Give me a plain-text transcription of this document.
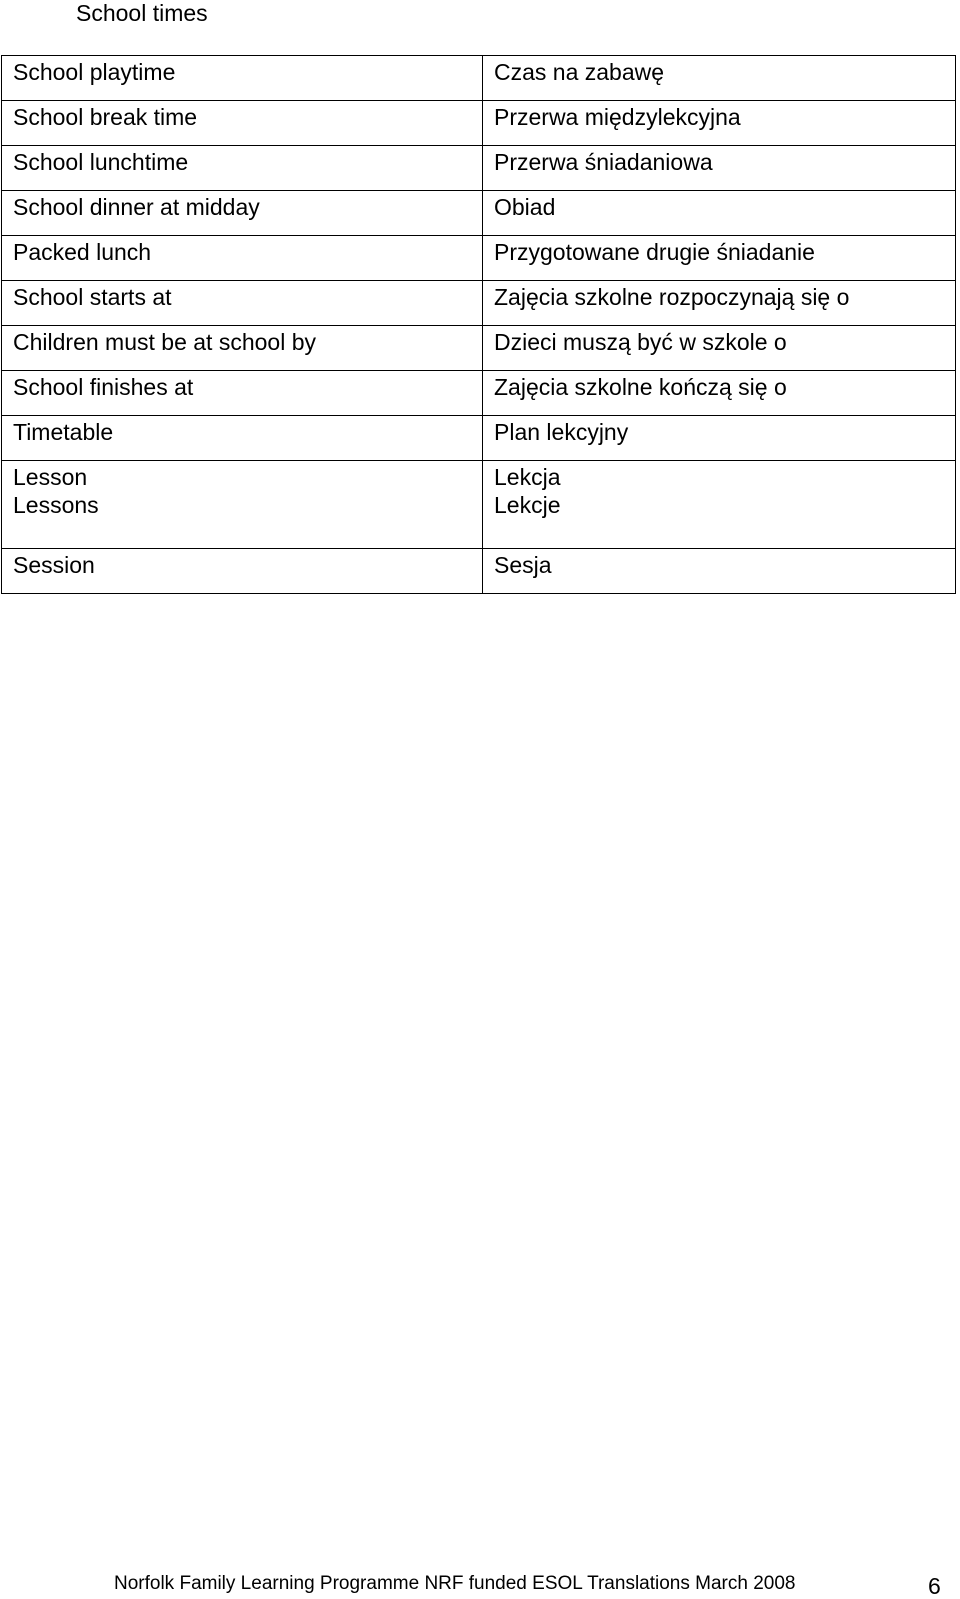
School times
School playtime	Czas na zabawę

School break time	Przerwa międzylekcyjna

School lunchtime	Przerwa śniadaniowa

School dinner at midday	Obiad

Packed lunch	Przygotowane drugie śniadanie

School starts at	Zajęcia szkolne rozpoczynają się o

Children must be at school by	Dzieci muszą być w szkole o

School finishes at	Zajęcia szkolne kończą się o

Timetable	Plan lekcyjny

Lesson
Lessons	Lekcja
Lekcje

Session	Sesja
Norfolk Family Learning Programme NRF funded ESOL Translations March 2008	6
